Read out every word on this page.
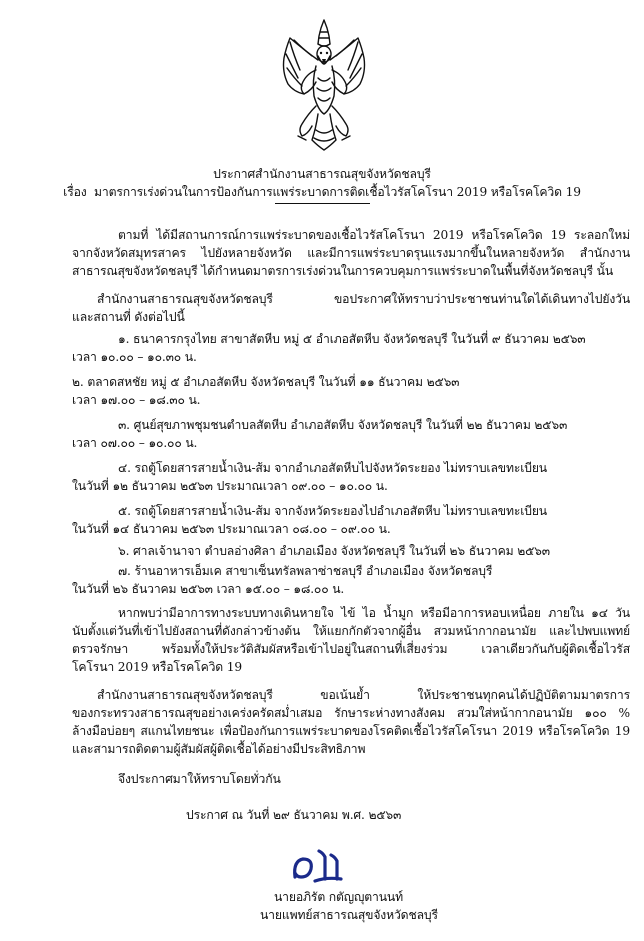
ประกาศสำนักงานสาธารณสุขจังหวัดชลบุรี
เรื่อง มาตรการเร่งด่วนในการป้องกันการแพร่ระบาดการติดเชื้อไวรัสโคโรนา 2019 หรือโรคโควิด 19
ตามที่ ได้มีสถานการณ์การแพร่ระบาดของเชื้อไวรัสโคโรนา 2019 หรือโรคโควิด 19 ระลอกใหม่
จากจังหวัดสมุทรสาคร ไปยังหลายจังหวัด และมีการแพร่ระบาดรุนแรงมากขึ้นในหลายจังหวัด สำนักงาน
สาธารณสุขจังหวัดชลบุรี ได้กำหนดมาตรการเร่งด่วนในการควบคุมการแพร่ระบาดในพื้นที่จังหวัดชลบุรี นั้น
สำนักงานสาธารณสุขจังหวัดชลบุรี ขอประกาศให้ทราบว่าประชาชนท่านใดได้เดินทางไปยังวัน
และสถานที่ ดังต่อไปนี้
๑. ธนาคารกรุงไทย สาขาสัตหีบ หมู่ ๕ อำเภอสัตหีบ จังหวัดชลบุรี ในวันที่ ๙ ธันวาคม ๒๕๖๓
เวลา ๑๐.๐๐ – ๑๐.๓๐ น.
๒. ตลาดสหชัย หมู่ ๕ อำเภอสัตหีบ จังหวัดชลบุรี ในวันที่ ๑๑ ธันวาคม ๒๕๖๓
เวลา ๑๗.๐๐ – ๑๘.๓๐ น.
๓. ศูนย์สุขภาพชุมชนตำบลสัตหีบ อำเภอสัตหีบ จังหวัดชลบุรี ในวันที่ ๒๒ ธันวาคม ๒๕๖๓
เวลา ๐๗.๐๐ – ๑๐.๐๐ น.
๔. รถตู้โดยสารสายน้ำเงิน-ส้ม จากอำเภอสัตหีบไปจังหวัดระยอง ไม่ทราบเลขทะเบียน
ในวันที่ ๑๒ ธันวาคม ๒๕๖๓ ประมาณเวลา ๐๙.๐๐ – ๑๐.๐๐ น.
๕. รถตู้โดยสารสายน้ำเงิน-ส้ม จากจังหวัดระยองไปอำเภอสัตหีบ ไม่ทราบเลขทะเบียน
ในวันที่ ๑๔ ธันวาคม ๒๕๖๓ ประมาณเวลา ๐๘.๐๐ – ๐๙.๐๐ น.
๖. ศาลเจ้านาจา ตำบลอ่างศิลา อำเภอเมือง จังหวัดชลบุรี ในวันที่ ๒๖ ธันวาคม ๒๕๖๓
๗. ร้านอาหารเอ็มเค สาขาเซ็นทรัลพลาซ่าชลบุรี อำเภอเมือง จังหวัดชลบุรี
ในวันที่ ๒๖ ธันวาคม ๒๕๖๓ เวลา ๑๕.๐๐ – ๑๘.๐๐ น.
หากพบว่ามีอาการทางระบบทางเดินหายใจ ไข้ ไอ น้ำมูก หรือมีอาการหอบเหนื่อย ภายใน ๑๔ วัน
นับตั้งแต่วันที่เข้าไปยังสถานที่ดังกล่าวข้างต้น ให้แยกกักตัวจากผู้อื่น สวมหน้ากากอนามัย และไปพบแพทย์
ตรวจรักษา พร้อมทั้งให้ประวัติสัมผัสหรือเข้าไปอยู่ในสถานที่เสี่ยงร่วม เวลาเดียวกันกับผู้ติดเชื้อไวรัส
โคโรนา 2019 หรือโรคโควิด 19
สำนักงานสาธารณสุขจังหวัดชลบุรี ขอเน้นย้ำ ให้ประชาชนทุกคนได้ปฏิบัติตามมาตรการ
ของกระทรวงสาธารณสุขอย่างเคร่งครัดสม่ำเสมอ รักษาระห่างทางสังคม สวมใส่หน้ากากอนามัย ๑๐๐ %
ล้างมือบ่อยๆ สแกนไทยชนะ เพื่อป้องกันการแพร่ระบาดของโรคติดเชื้อไวรัสโคโรนา 2019 หรือโรคโควิด 19
และสามารถติดตามผู้สัมผัสผู้ติดเชื้อได้อย่างมีประสิทธิภาพ
จึงประกาศมาให้ทราบโดยทั่วกัน
ประกาศ ณ วันที่ ๒๙ ธันวาคม พ.ศ. ๒๕๖๓
นายอภิรัต กตัญญุตานนท์
นายแพทย์สาธารณสุขจังหวัดชลบุรี
